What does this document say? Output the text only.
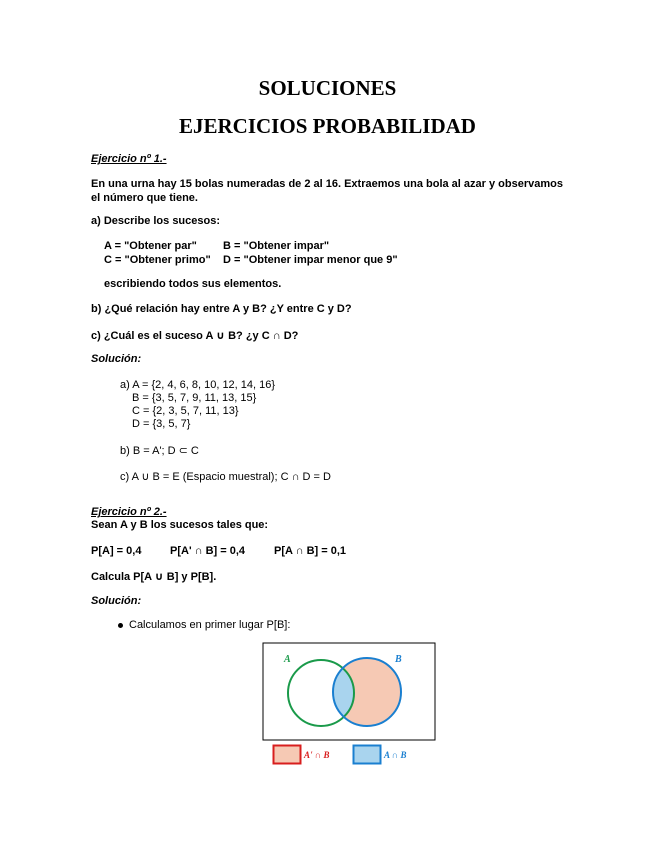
SOLUCIONES
EJERCICIOS PROBABILIDAD
Ejercicio nº 1.-
En una urna hay 15 bolas numeradas de 2 al 16. Extraemos una bola al azar y observamos el número que tiene.
a) Describe los sucesos:
A = "Obtener par" B = "Obtener impar"
C = "Obtener primo" D = "Obtener impar menor que 9"
escribiendo todos sus elementos.
b) ¿Qué relación hay entre A y B? ¿Y entre C y D?
c) ¿Cuál es el suceso A ∪ B? ¿y C ∩ D?
Solución:
a) A = {2, 4, 6, 8, 10, 12, 14, 16}
B = {3, 5, 7, 9, 11, 13, 15}
C = {2, 3, 5, 7, 11, 13}
D = {3, 5, 7}
b) B = A'; D ⊂ C
c) A ∪ B = E (Espacio muestral); C ∩ D = D
Ejercicio nº 2.-
Sean A y B los sucesos tales que:
P[A] = 0,4	P[A' ∩ B] = 0,4	P[A ∩ B] = 0,1
Calcula P[A ∪ B] y P[B].
Solución:
Calculamos en primer lugar P[B]:
A	B
A' ∩ B	A ∩ B
